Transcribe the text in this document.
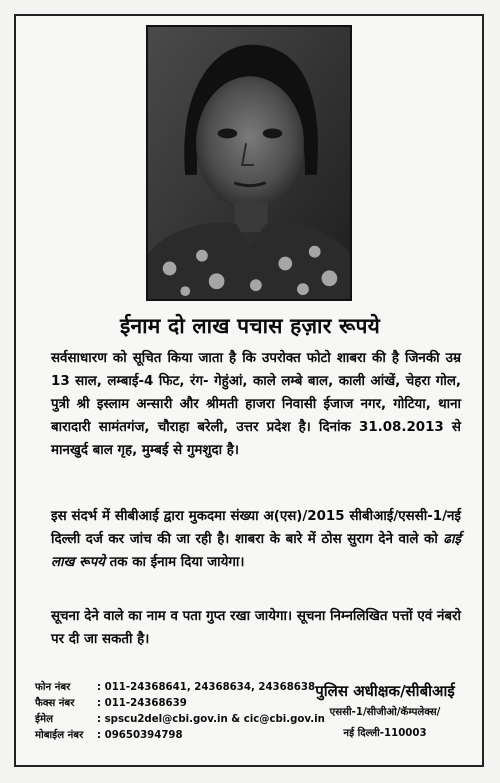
ईनाम दो लाख पचास हज़ार रूपये
सर्वसाधारण को सूचित किया जाता है कि उपरोक्त फोटो शाबरा की है जिनकी उम्र 13 साल, लम्बाई-4 फिट, रंग- गेहुंआं, काले लम्बे बाल, काली आंखें, चेहरा गोल, पुत्री श्री इस्लाम अन्सारी और श्रीमती हाजरा निवासी ईजाज नगर, गोटिया, थाना बारादारी सामंतगंज, चौराहा बरेली, उत्तर प्रदेश है। दिनांक 31.08.2013 से मानखुर्द बाल गृह, मुम्बई से गुमशुदा है।
इस संदर्भ में सीबीआई द्वारा मुकदमा संख्या अ(एस)/2015 सीबीआई/एससी-1/नई दिल्ली दर्ज कर जांच की जा रही है। शाबरा के बारे में ठोस सुराग देने वाले को ढाई लाख रूपये तक का ईनाम दिया जायेगा।
सूचना देने वाले का नाम व पता गुप्त रखा जायेगा। सूचना निम्नलिखित पत्तों एवं नंबरो पर दी जा सकती है।
फोन नंबर	: 011-24368641, 24368634, 24368638
फैक्स नंबर	: 011-24368639
ईमेल	: spscu2del@cbi.gov.in & cic@cbi.gov.in
मोबाईल नंबर	: 09650394798
पुलिस अधीक्षक/सीबीआई
एससी-1/सीजीओ/कॅम्पलेक्स/
नई दिल्ली-110003
